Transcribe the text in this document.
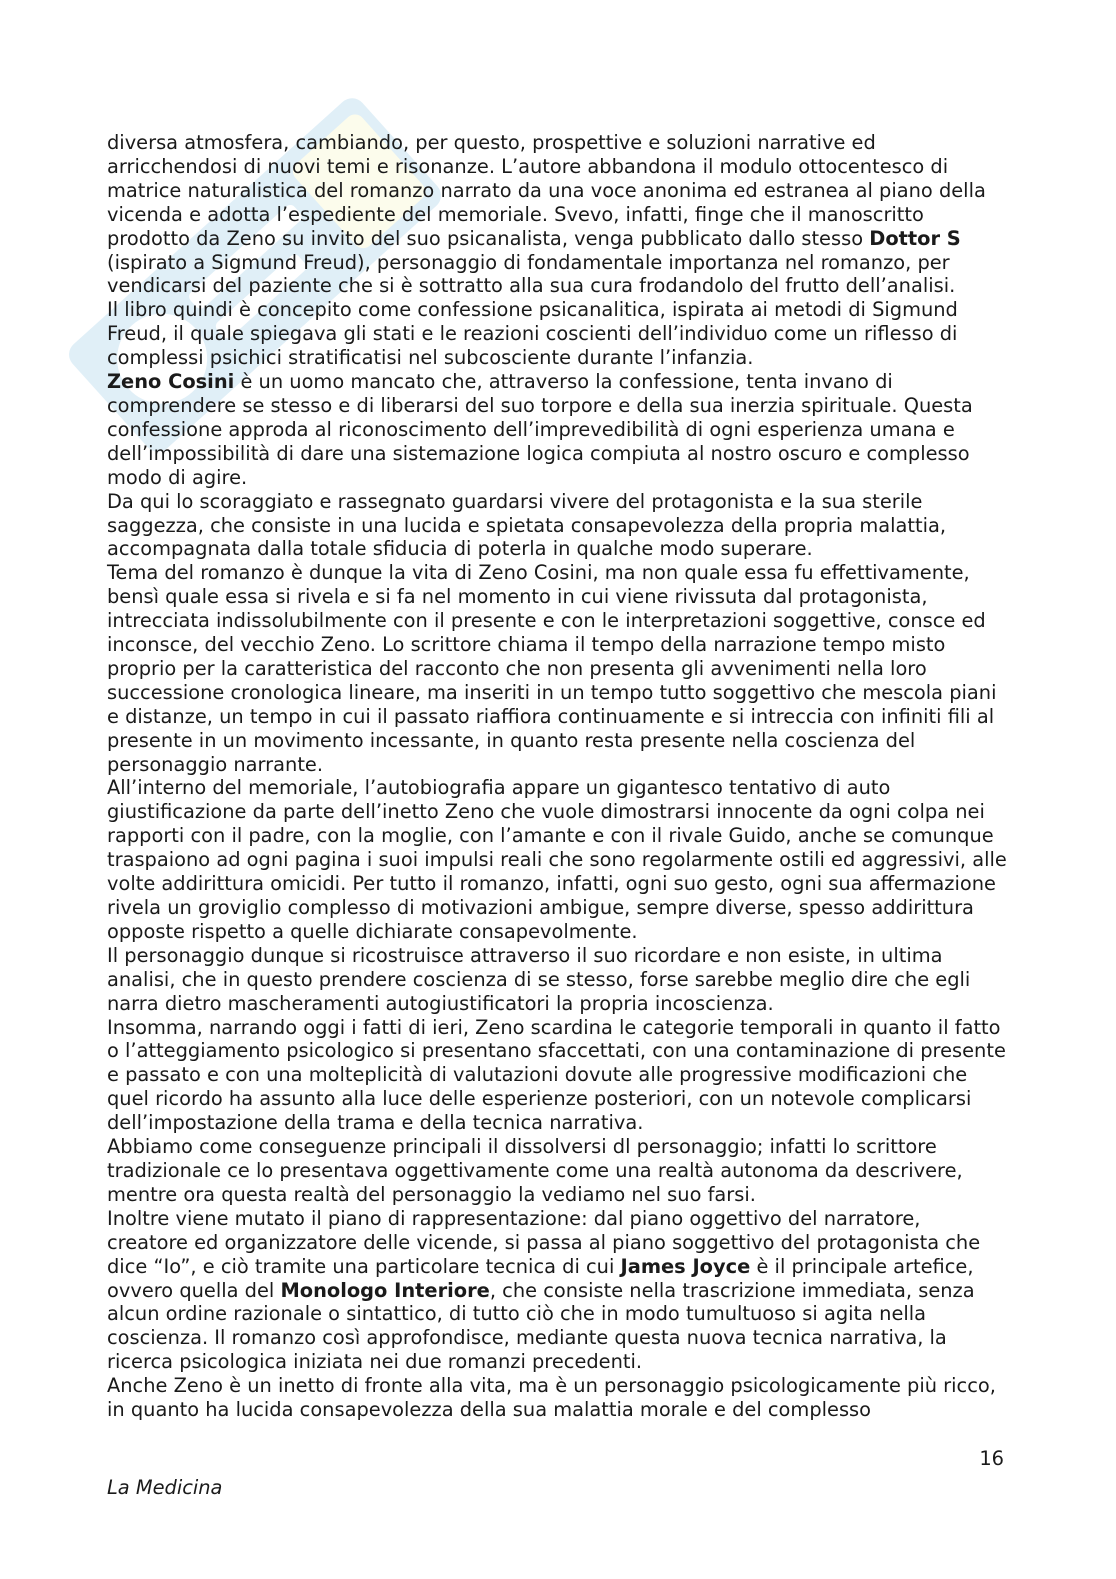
diversa atmosfera, cambiando, per questo, prospettive e soluzioni narrative ed arricchendosi di nuovi temi e risonanze. L’autore abbandona il modulo ottocentesco di matrice naturalistica del romanzo narrato da una voce anonima ed estranea al piano della vicenda e adotta l’espediente del memoriale. Svevo, infatti, finge che il manoscritto prodotto da Zeno su invito del suo psicanalista, venga pubblicato dallo stesso Dottor S (ispirato a Sigmund Freud), personaggio di fondamentale importanza nel romanzo, per vendicarsi del paziente che si è sottratto alla sua cura frodandolo del frutto dell’analisi.

Il libro quindi è concepito come confessione psicanalitica, ispirata ai metodi di Sigmund Freud, il quale spiegava gli stati e le reazioni coscienti dell’individuo come un riflesso di complessi psichici stratificatisi nel subcosciente durante l’infanzia.

Zeno Cosini è un uomo mancato che, attraverso la confessione, tenta invano di comprendere se stesso e di liberarsi del suo torpore e della sua inerzia spirituale. Questa confessione approda al riconoscimento dell’imprevedibilità di ogni esperienza umana e dell’impossibilità di dare una sistemazione logica compiuta al nostro oscuro e complesso modo di agire.

Da qui lo scoraggiato e rassegnato guardarsi vivere del protagonista e la sua sterile saggezza, che consiste in una lucida e spietata consapevolezza della propria malattia, accompagnata dalla totale sfiducia di poterla in qualche modo superare.

Tema del romanzo è dunque la vita di Zeno Cosini, ma non quale essa fu effettivamente, bensì quale essa si rivela e si fa nel momento in cui viene rivissuta dal protagonista, intrecciata indissolubilmente con il presente e con le interpretazioni soggettive, consce ed inconsce, del vecchio Zeno. Lo scrittore chiama il tempo della narrazione tempo misto proprio per la caratteristica del racconto che non presenta gli avvenimenti nella loro successione cronologica lineare, ma inseriti in un tempo tutto soggettivo che mescola piani e distanze, un tempo in cui il passato riaffiora continuamente e si intreccia con infiniti fili al presente in un movimento incessante, in quanto resta presente nella coscienza del personaggio narrante.

All’interno del memoriale, l’autobiografia appare un gigantesco tentativo di auto giustificazione da parte dell’inetto Zeno che vuole dimostrarsi innocente da ogni colpa nei rapporti con il padre, con la moglie, con l’amante e con il rivale Guido, anche se comunque traspaiono ad ogni pagina i suoi impulsi reali che sono regolarmente ostili ed aggressivi, alle volte addirittura omicidi. Per tutto il romanzo, infatti, ogni suo gesto, ogni sua affermazione rivela un groviglio complesso di motivazioni ambigue, sempre diverse, spesso addirittura opposte rispetto a quelle dichiarate consapevolmente.

Il personaggio dunque si ricostruisce attraverso il suo ricordare e non esiste, in ultima analisi, che in questo prendere coscienza di se stesso, forse sarebbe meglio dire che egli narra dietro mascheramenti autogiustificatori la propria incoscienza.

Insomma, narrando oggi i fatti di ieri, Zeno scardina le categorie temporali in quanto il fatto o l’atteggiamento psicologico si presentano sfaccettati, con una contaminazione di presente e passato e con una molteplicità di valutazioni dovute alle progressive modificazioni che quel ricordo ha assunto alla luce delle esperienze posteriori, con un notevole complicarsi dell’impostazione della trama e della tecnica narrativa.

Abbiamo come conseguenze principali il dissolversi dl personaggio; infatti lo scrittore tradizionale ce lo presentava oggettivamente come una realtà autonoma da descrivere, mentre ora questa realtà del personaggio la vediamo nel suo farsi.

Inoltre viene mutato il piano di rappresentazione: dal piano oggettivo del narratore, creatore ed organizzatore delle vicende, si passa al piano soggettivo del protagonista che dice “Io”, e ciò tramite una particolare tecnica di cui James Joyce è il principale artefice, ovvero quella del Monologo Interiore, che consiste nella trascrizione immediata, senza alcun ordine razionale o sintattico, di tutto ciò che in modo tumultuoso si agita nella coscienza. Il romanzo così approfondisce, mediante questa nuova tecnica narrativa, la ricerca psicologica iniziata nei due romanzi precedenti.

Anche Zeno è un inetto di fronte alla vita, ma è un personaggio psicologicamente più ricco, in quanto ha lucida consapevolezza della sua malattia morale e del complesso

16
La Medicina
